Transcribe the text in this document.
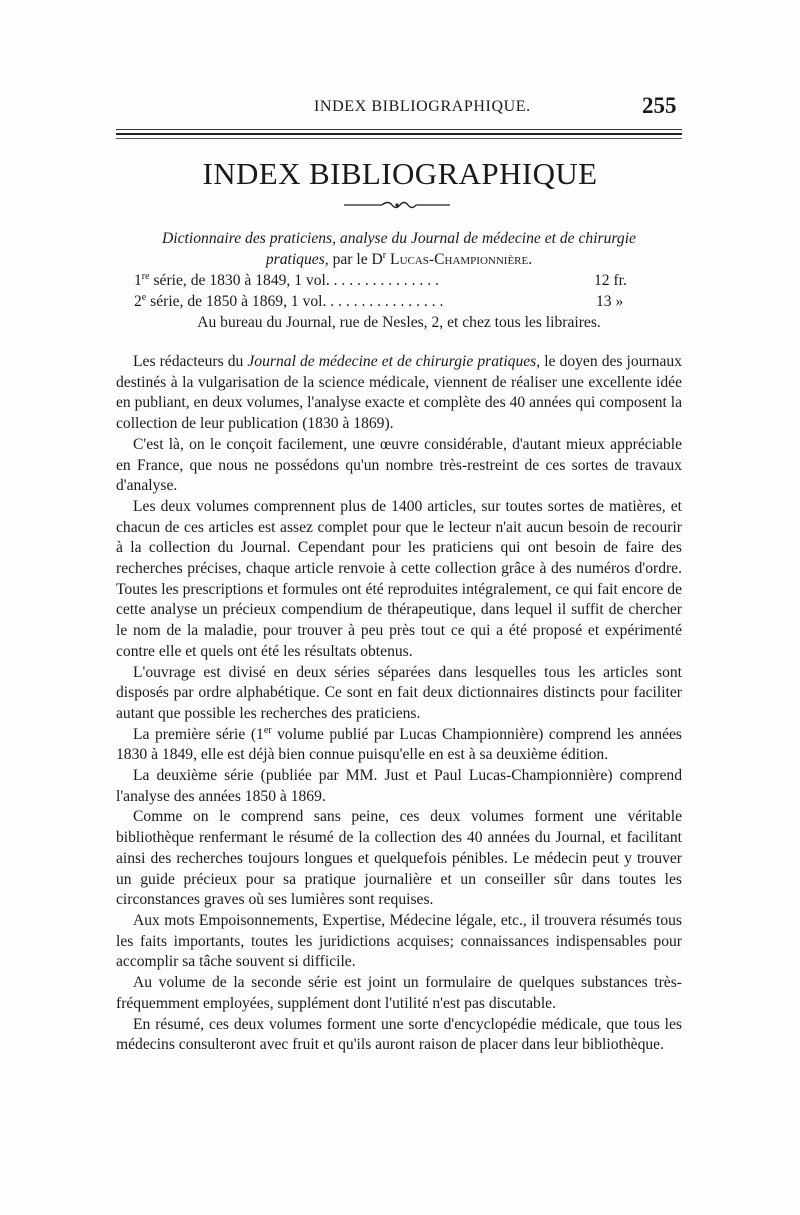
INDEX BIBLIOGRAPHIQUE.	255
INDEX BIBLIOGRAPHIQUE
Dictionnaire des praticiens, analyse du Journal de médecine et de chirurgie
pratiques, par le $D^r$ Lucas-Championnière.
1re série, de 1830 à 1849, 1 vol. . . . . . . . . . . . . . .	12 fr.
2e série, de 1850 à 1869, 1 vol. . . . . . . . . . . . . . . .	13 »
Au bureau du Journal, rue de Nesles, 2, et chez tous les libraires.

Les rédacteurs du Journal de médecine et de chirurgie pratiques, le doyen des journaux destinés à la vulgarisation de la science médicale, viennent de réaliser une excellente idée en publiant, en deux volumes, l'analyse exacte et complète des 40 années qui composent la collection de leur publication (1830 à 1869).

C'est là, on le conçoit facilement, une œuvre considérable, d'autant mieux appréciable en France, que nous ne possédons qu'un nombre très-restreint de ces sortes de travaux d'analyse.

Les deux volumes comprennent plus de 1400 articles, sur toutes sortes de matières, et chacun de ces articles est assez complet pour que le lecteur n'ait aucun besoin de recourir à la collection du Journal. Cependant pour les praticiens qui ont besoin de faire des recherches précises, chaque article renvoie à cette collection grâce à des numéros d'ordre. Toutes les prescriptions et formules ont été reproduites intégralement, ce qui fait encore de cette analyse un précieux compendium de thérapeutique, dans lequel il suffit de chercher le nom de la maladie, pour trouver à peu près tout ce qui a été proposé et expérimenté contre elle et quels ont été les résultats obtenus.

L'ouvrage est divisé en deux séries séparées dans lesquelles tous les articles sont disposés par ordre alphabétique. Ce sont en fait deux dictionnaires distincts pour faciliter autant que possible les recherches des praticiens.

La première série (1er volume publié par Lucas Championnière) comprend les années 1830 à 1849, elle est déjà bien connue puisqu'elle en est à sa deuxième édition.

La deuxième série (publiée par MM. Just et Paul Lucas-Championnière) comprend l'analyse des années 1850 à 1869.

Comme on le comprend sans peine, ces deux volumes forment une véritable bibliothèque renfermant le résumé de la collection des 40 années du Journal, et facilitant ainsi des recherches toujours longues et quelquefois pénibles. Le médecin peut y trouver un guide précieux pour sa pratique journalière et un conseiller sûr dans toutes les circonstances graves où ses lumières sont requises.

Aux mots Empoisonnements, Expertise, Médecine légale, etc., il trouvera résumés tous les faits importants, toutes les juridictions acquises; connaissances indispensables pour accomplir sa tâche souvent si difficile.

Au volume de la seconde série est joint un formulaire de quelques substances très-fréquemment employées, supplément dont l'utilité n'est pas discutable.

En résumé, ces deux volumes forment une sorte d'encyclopédie médicale, que tous les médecins consulteront avec fruit et qu'ils auront raison de placer dans leur bibliothèque.
